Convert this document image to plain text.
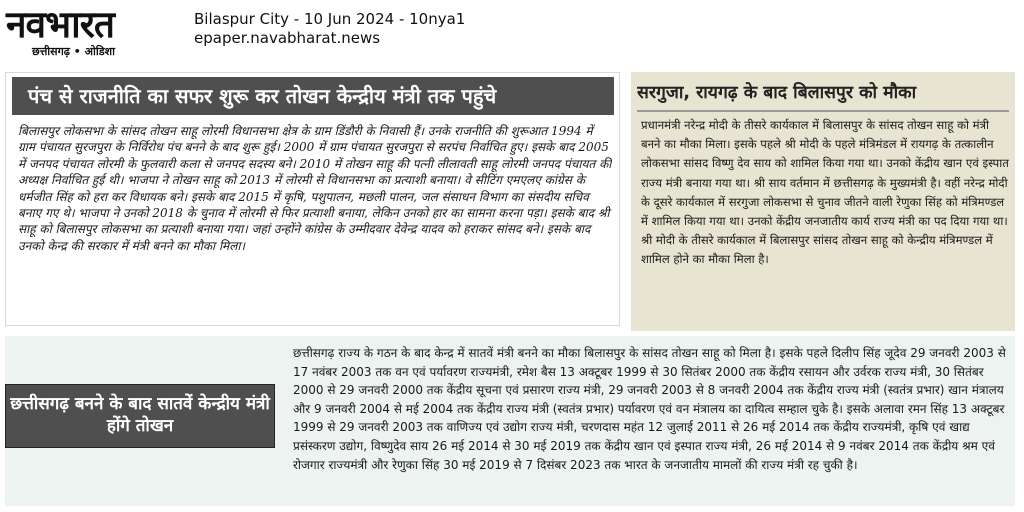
नवभारत
छत्तीसगढ़ • ओडिशा
Bilaspur City - 10 Jun 2024 - 10nya1
epaper.navabharat.news
पंच से राजनीति का सफर शुरू कर तोखन केन्द्रीय मंत्री तक पहुंचे
बिलासपुर लोकसभा के सांसद तोखन साहू लोरमी विधानसभा क्षेत्र के ग्राम डिंडौरी के निवासी हैं। उनके राजनीति की शुरूआत 1994 में ग्राम पंचायत सुरजपुरा के निर्विरोध पंच बनने के बाद शुरू हुई। 2000 में ग्राम पंचायत सुरजपुरा से सरपंच निर्वाचित हुए। इसके बाद 2005 में जनपद पंचायत लोरमी के फुलवारी कला से जनपद सदस्य बने। 2010 में तोखन साहू की पत्नी लीलावती साहू लोरमी जनपद पंचायत की अध्यक्ष निर्वाचित हुई थी। भाजपा ने तोखन साहू को 2013 में लोरमी से विधानसभा का प्रत्याशी बनाया। वे सीटिंग एमएलए कांग्रेस के धर्मजीत सिंह को हरा कर विधायक बने। इसके बाद 2015 में कृषि, पशुपालन, मछली पालन, जल संसाधन विभाग का संसदीय सचिव बनाए गए थे। भाजपा ने उनको 2018 के चुनाव में लोरमी से फिर प्रत्याशी बनाया, लेकिन उनको हार का सामना करना पड़ा। इसके बाद श्री साहू को बिलासपुर लोकसभा का प्रत्याशी बनाया गया। जहां उन्होंने कांग्रेस के उम्मीदवार देवेन्द्र यादव को हराकर सांसद बने। इसके बाद उनको केन्द्र की सरकार में मंत्री बनने का मौका मिला।
सरगुजा, रायगढ़ के बाद बिलासपुर को मौका
प्रधानमंत्री नरेन्द्र मोदी के तीसरे कार्यकाल में बिलासपुर के सांसद तोखन साहू को मंत्री बनने का मौका मिला। इसके पहले श्री मोदी के पहले मंत्रिमंडल में रायगढ़ के तत्कालीन लोकसभा सांसद विष्णु देव साय को शामिल किया गया था। उनको केंद्रीय खान एवं इस्पात राज्य मंत्री बनाया गया था। श्री साय वर्तमान में छत्तीसगढ़ के मुख्यमंत्री है। वहीं नरेन्द्र मोदी के दूसरे कार्यकाल में सरगुजा लोकसभा से चुनाव जीतने वाली रेणुका सिंह को मंत्रिमण्डल में शामिल किया गया था। उनको केंद्रीय जनजातीय कार्य राज्य मंत्री का पद दिया गया था। श्री मोदी के तीसरे कार्यकाल में बिलासपुर सांसद तोखन साहू को केन्द्रीय मंत्रिमण्डल में शामिल होने का मौका मिला है।
छत्तीसगढ़ राज्य के गठन के बाद केन्द्र में सातवें मंत्री बनने का मौका बिलासपुर के सांसद तोखन साहू को मिला है। इसके पहले दिलीप सिंह जूदेव 29 जनवरी 2003 से 17 नवंबर 2003 तक वन एवं पर्यावरण राज्यमंत्री, रमेश बैस 13 अक्टूबर 1999 से 30 सितंबर 2000 तक केंद्रीय रसायन और उर्वरक राज्य मंत्री, 30 सितंबर 2000 से 29 जनवरी 2000 तक केंद्रीय सूचना एवं प्रसारण राज्य मंत्री, 29 जनवरी 2003 से 8 जनवरी 2004 तक केंद्रीय राज्य मंत्री (स्वतंत्र प्रभार) खान मंत्रालय और 9 जनवरी 2004 से मई 2004 तक केंद्रीय राज्य मंत्री (स्वतंत्र प्रभार) पर्यावरण एवं वन मंत्रालय का दायित्व सम्हाल चुके है। इसके अलावा रमन सिंह 13 अक्टूबर 1999 से 29 जनवरी 2003 तक वाणिज्य एवं उद्योग राज्य मंत्री, चरणदास महंत 12 जुलाई 2011 से 26 मई 2014 तक केंद्रीय राज्यमंत्री, कृषि एवं खाद्य प्रसंस्करण उद्योग, विष्णुदेव साय 26 मई 2014 से 30 मई 2019 तक केंद्रीय खान एवं इस्पात राज्य मंत्री, 26 मई 2014 से 9 नवंबर 2014 तक केंद्रीय श्रम एवं रोजगार राज्यमंत्री और रेणुका सिंह 30 मई 2019 से 7 दिसंबर 2023 तक भारत के जनजातीय मामलों की राज्य मंत्री रह चुकी है।
छत्तीसगढ़ बनने के बाद सातवें केन्द्रीय मंत्री होंगे तोखन
